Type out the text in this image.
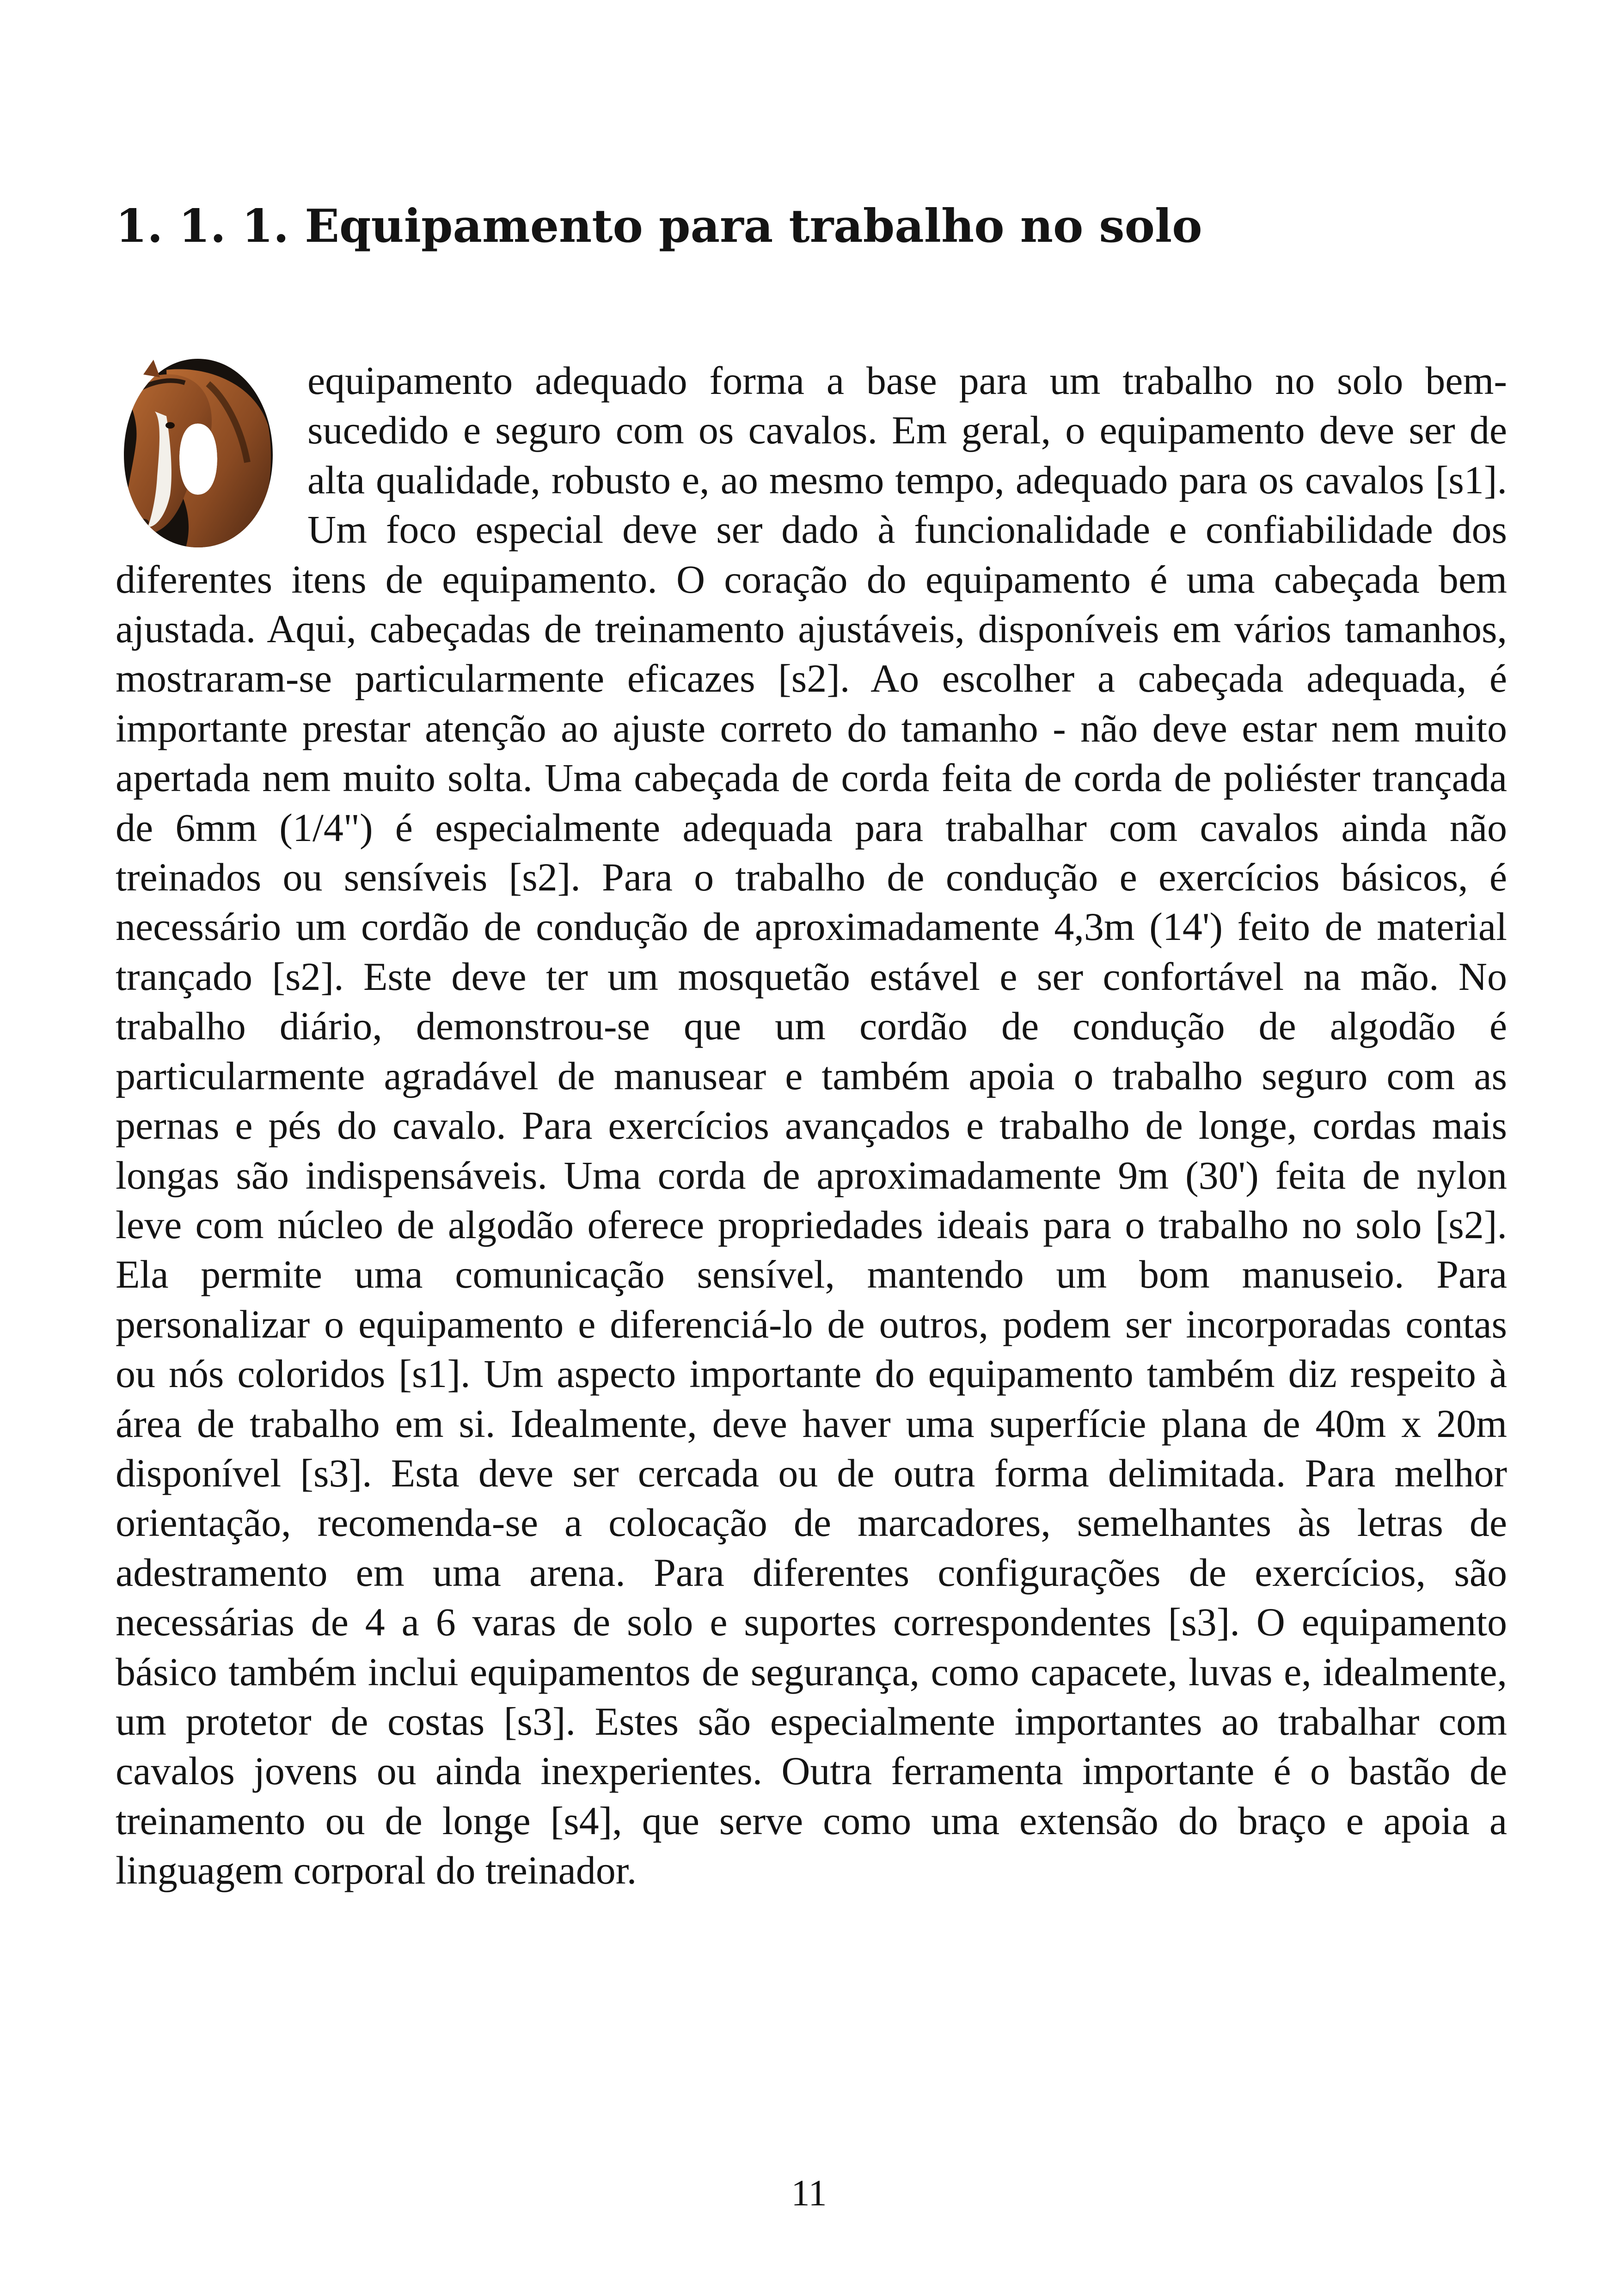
1. 1. 1. Equipamento para trabalho no solo
equipamento adequado forma a base para um trabalho no solo bem-sucedido e seguro com os cavalos. Em geral, o equipamento deve ser de alta qualidade, robusto e, ao mesmo tempo, adequado para os cavalos [s1]. Um foco especial deve ser dado à funcionalidade e confiabilidade dos diferentes itens de equipamento. O coração do equipamento é uma cabeçada bem ajustada. Aqui, cabeçadas de treinamento ajustáveis, disponíveis em vários tamanhos, mostraram-se particularmente eficazes [s2]. Ao escolher a cabeçada adequada, é importante prestar atenção ao ajuste correto do tamanho - não deve estar nem muito apertada nem muito solta. Uma cabeçada de corda feita de corda de poliéster trançada de 6mm (1/4") é especialmente adequada para trabalhar com cavalos ainda não treinados ou sensíveis [s2]. Para o trabalho de condução e exercícios básicos, é necessário um cordão de condução de aproximadamente 4,3m (14') feito de material trançado [s2]. Este deve ter um mosquetão estável e ser confortável na mão. No trabalho diário, demonstrou-se que um cordão de condução de algodão é particularmente agradável de manusear e também apoia o trabalho seguro com as pernas e pés do cavalo. Para exercícios avançados e trabalho de longe, cordas mais longas são indispensáveis. Uma corda de aproximadamente 9m (30') feita de nylon leve com núcleo de algodão oferece propriedades ideais para o trabalho no solo [s2]. Ela permite uma comunicação sensível, mantendo um bom manuseio. Para personalizar o equipamento e diferenciá-lo de outros, podem ser incorporadas contas ou nós coloridos [s1]. Um aspecto importante do equipamento também diz respeito à área de trabalho em si. Idealmente, deve haver uma superfície plana de 40m x 20m disponível [s3]. Esta deve ser cercada ou de outra forma delimitada. Para melhor orientação, recomenda-se a colocação de marcadores, semelhantes às letras de adestramento em uma arena. Para diferentes configurações de exercícios, são necessárias de 4 a 6 varas de solo e suportes correspondentes [s3]. O equipamento básico também inclui equipamentos de segurança, como capacete, luvas e, idealmente, um protetor de costas [s3]. Estes são especialmente importantes ao trabalhar com cavalos jovens ou ainda inexperientes. Outra ferramenta importante é o bastão de treinamento ou de longe [s4], que serve como uma extensão do braço e apoia a linguagem corporal do treinador.
11
